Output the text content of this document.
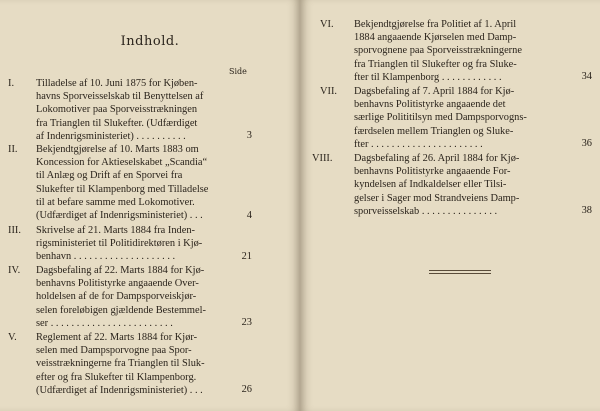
Indhold.
Side
I.	Tilladelse af 10. Juni 1875 for Kjøben-
havns Sporveisselskab til Benyttelsen af
Lokomotiver paa Sporveisstrækningen
fra Trianglen til Slukefter. (Udfærdiget
af Indenrigsministeriet) . . . . . . . . . .	3
II.	Bekjendtgjørelse af 10. Marts 1883 om
Koncession for Aktieselskabet „Scandia“
til Anlæg og Drift af en Sporvei fra
Slukefter til Klampenborg med Tilladelse
til at befare samme med Lokomotiver.
(Udfærdiget af Indenrigsministeriet) . . .	4
III.	Skrivelse af 21. Marts 1884 fra Inden-
rigsministeriet til Politidirektøren i Kjø-
benhavn . . . . . . . . . . . . . . . . . . . .	21
IV.	Dagsbefaling af 22. Marts 1884 for Kjø-
benhavns Politistyrke angaaende Over-
holdelsen af de for Dampsporveiskjør-
selen foreløbigen gjældende Bestemmel-
ser . . . . . . . . . . . . . . . . . . . . . . . .	23
V.	Reglement af 22. Marts 1884 for Kjør-
selen med Dampsporvogne paa Spor-
veisstrækningerne fra Trianglen til Sluk-
efter og fra Slukefter til Klampenborg.
(Udfærdiget af Indenrigsministeriet) . . .	26
VI.	Bekjendtgjørelse fra Politiet af 1. April
1884 angaaende Kjørselen med Damp-
sporvognene paa Sporveisstrækningerne
fra Trianglen til Slukefter og fra Sluke-
fter til Klampenborg . . . . . . . . . . . .	34
VII.	Dagsbefaling af 7. April 1884 for Kjø-
benhavns Politistyrke angaaende det
særlige Polititilsyn med Dampsporvogns-
færdselen mellem Trianglen og Sluke-
fter . . . . . . . . . . . . . . . . . . . . . .	36
VIII.	Dagsbefaling af 26. April 1884 for Kjø-
benhavns Politistyrke angaaende For-
kyndelsen af Indkaldelser eller Tilsi-
gelser i Sager mod Strandveiens Damp-
sporveisselskab . . . . . . . . . . . . . . .	38
